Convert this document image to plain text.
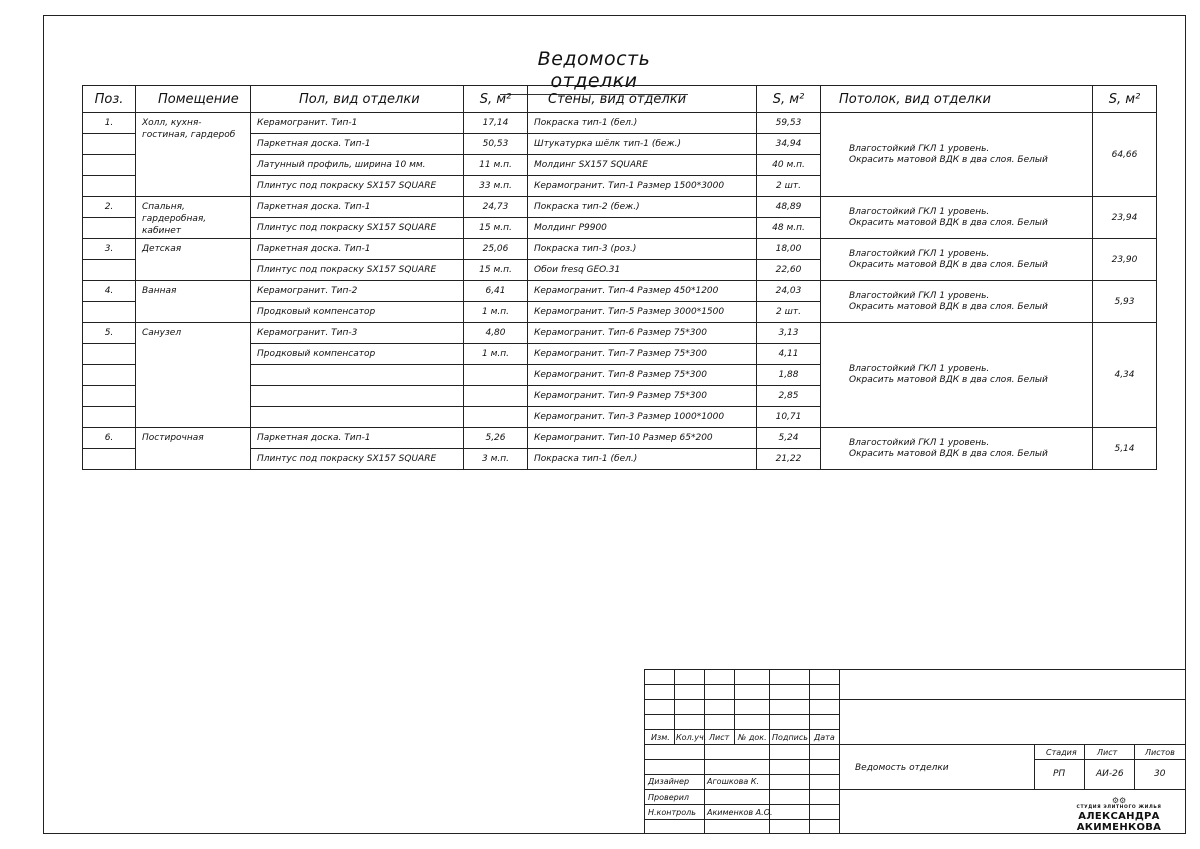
Ведомость отделки
Поз.	Помещение	Пол, вид отделки	S, м²	Стены, вид отделки	S, м²	Потолок, вид отделки	S, м²
1.	Холл, кухня-гостиная, гардероб	Керамогранит. Тип-1	17,14	Покраска тип-1 (бел.)	59,53	Влагостойкий ГКЛ 1 уровень.
Окрасить матовой ВДК в два слоя. Белый	64,66
		Паркетная доска. Тип-1	50,53	Штукатурка шёлк тип-1 (беж.)	34,94		
		Латунный профиль, ширина 10 мм.	11 м.п.	Молдинг SX157 SQUARE	40 м.п.		
		Плинтус под покраску SX157 SQUARE	33 м.п.	Керамогранит. Тип-1 Размер 1500*3000	2 шт.		
2.	Спальня, гардеробная, кабинет	Паркетная доска. Тип-1	24,73	Покраска тип-2 (беж.)	48,89	Влагостойкий ГКЛ 1 уровень.
Окрасить матовой ВДК в два слоя. Белый	23,94
		Плинтус под покраску SX157 SQUARE	15 м.п.	Молдинг P9900	48 м.п.		
3.	Детская	Паркетная доска. Тип-1	25,06	Покраска тип-3 (роз.)	18,00	Влагостойкий ГКЛ 1 уровень.
Окрасить матовой ВДК в два слоя. Белый	23,90
		Плинтус под покраску SX157 SQUARE	15 м.п.	Обои fresq GEO.31	22,60		
4.	Ванная	Керамогранит. Тип-2	6,41	Керамогранит. Тип-4 Размер 450*1200	24,03	Влагостойкий ГКЛ 1 уровень.
Окрасить матовой ВДК в два слоя. Белый	5,93
		Продковый компенсатор	1 м.п.	Керамогранит. Тип-5 Размер 3000*1500	2 шт.		
5.	Санузел	Керамогранит. Тип-3	4,80	Керамогранит. Тип-6 Размер 75*300	3,13	Влагостойкий ГКЛ 1 уровень.
Окрасить матовой ВДК в два слоя. Белый	4,34
		Продковый компенсатор	1 м.п.	Керамогранит. Тип-7 Размер 75*300	4,11		
				Керамогранит. Тип-8 Размер 75*300	1,88		
				Керамогранит. Тип-9 Размер 75*300	2,85		
				Керамогранит. Тип-3 Размер 1000*1000	10,71		
6.	Постирочная	Паркетная доска. Тип-1	5,26	Керамогранит. Тип-10 Размер 65*200	5,24	Влагостойкий ГКЛ 1 уровень.
Окрасить матовой ВДК в два слоя. Белый	5,14
		Плинтус под покраску SX157 SQUARE	3 м.п.	Покраска тип-1 (бел.)	21,22		
Изм. Кол.уч. Лист № док. Подпись Дата
Дизайнер Агошкова К.
Проверил
Н.контроль Акименков А.О.
Ведомость отделки
Стадия	Лист	Листов
РП	АИ-26	30
⚙⚙
СТУДИЯ ЭЛИТНОГО ЖИЛЬЯ
АЛЕКСАНДРА АКИМЕНКОВА
